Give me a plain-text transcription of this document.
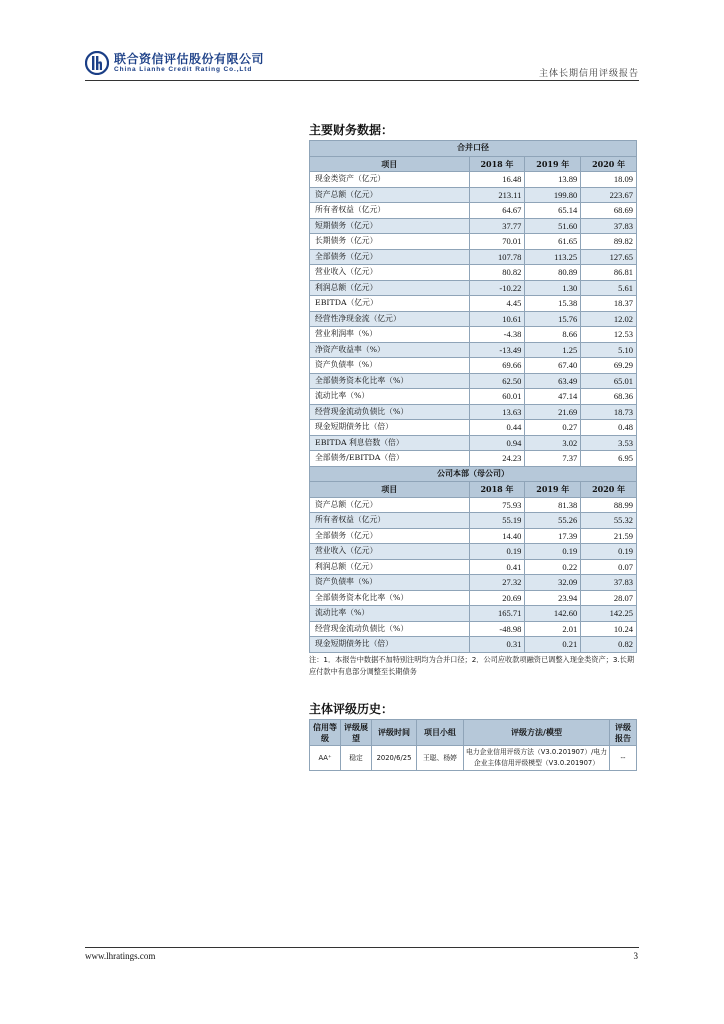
联合资信评估股份有限公司
China Lianhe Credit Rating Co.,Ltd	主体长期信用评级报告
主要财务数据：
合并口径			
项目	2018 年	2019 年	2020 年
现金类资产（亿元）	16.48	13.89	18.09
资产总额（亿元）	213.11	199.80	223.67
所有者权益（亿元）	64.67	65.14	68.69
短期债务（亿元）	37.77	51.60	37.83
长期债务（亿元）	70.01	61.65	89.82
全部债务（亿元）	107.78	113.25	127.65
营业收入（亿元）	80.82	80.89	86.81
利润总额（亿元）	-10.22	1.30	5.61
EBITDA（亿元）	4.45	15.38	18.37
经营性净现金流（亿元）	10.61	15.76	12.02
营业利润率（%）	-4.38	8.66	12.53
净资产收益率（%）	-13.49	1.25	5.10
资产负债率（%）	69.66	67.40	69.29
全部债务资本化比率（%）	62.50	63.49	65.01
流动比率（%）	60.01	47.14	68.36
经营现金流动负债比（%）	13.63	21.69	18.73
现金短期债务比（倍）	0.44	0.27	0.48
EBITDA 利息倍数（倍）	0.94	3.02	3.53
全部债务/EBITDA（倍）	24.23	7.37	6.95
公司本部（母公司）			
项目	2018 年	2019 年	2020 年
资产总额（亿元）	75.93	81.38	88.99
所有者权益（亿元）	55.19	55.26	55.32
全部债务（亿元）	14.40	17.39	21.59
营业收入（亿元）	0.19	0.19	0.19
利润总额（亿元）	0.41	0.22	0.07
资产负债率（%）	27.32	32.09	37.83
全部债务资本化比率（%）	20.69	23.94	28.07
流动比率（%）	165.71	142.60	142.25
经营现金流动负债比（%）	-48.98	2.01	10.24
现金短期债务比（倍）	0.31	0.21	0.82
注：1．本报告中数据不加特别注明均为合并口径；2．公司应收款项融资已调整入现金类资产；3.长期应付款中有息部分调整至长期债务
主体评级历史：
信用等级	评级展望	评级时间	项目小组	评级方法/模型	评级报告
AA⁺	稳定	2020/6/25	王聪、杨婷	电力企业信用评级方法（V3.0.201907）/电力企业主体信用评级模型（V3.0.201907）	--
www.lhratings.com	3
